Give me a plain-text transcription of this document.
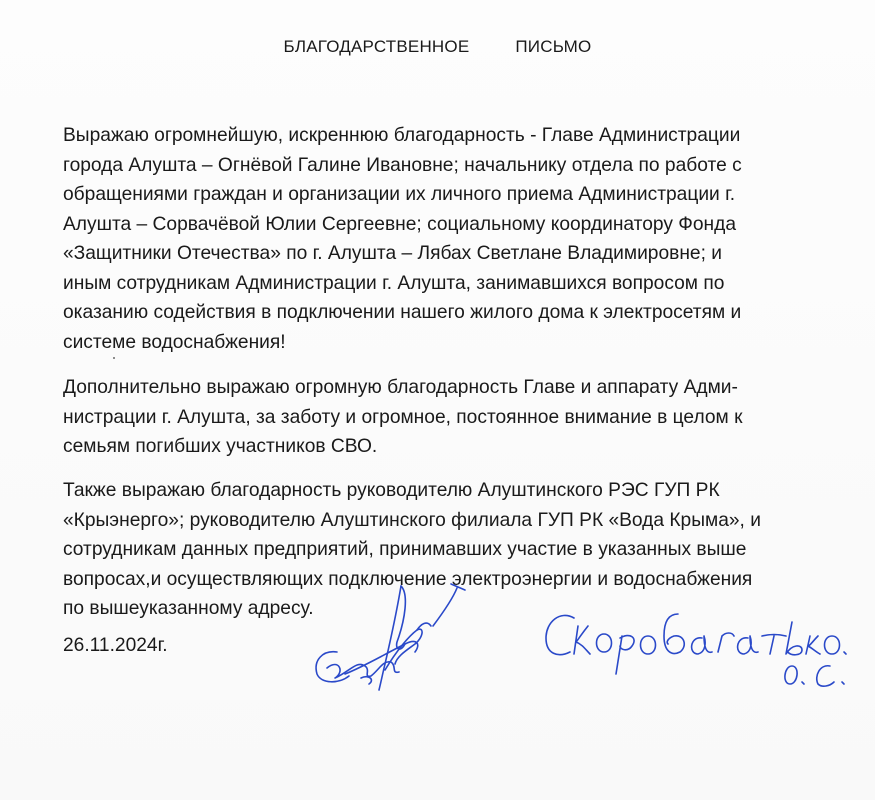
БЛАГОДАРСТВЕННОЕ	ПИСЬМО

Выражаю огромнейшую, искреннюю благодарность - Главе Администрации
города Алушта – Огнёвой Галине Ивановне; начальнику отдела по работе с
обращениями граждан и организации их личного приема Администрации г.
Алушта – Сорвачёвой Юлии Сергеевне; социальному координатору Фонда
«Защитники Отечества» по г. Алушта – Лябах Светлане Владимировне; и
иным сотрудникам Администрации г. Алушта, занимавшихся вопросом по
оказанию содействия в подключении нашего жилого дома к электросетям и
системе водоснабжения!

Дополнительно выражаю огромную благодарность Главе и аппарату Адми-
нистрации г. Алушта, за заботу и огромное, постоянное внимание в целом к
семьям погибших участников СВО.

Также выражаю благодарность руководителю Алуштинского РЭС ГУП РК
«Крыэнерго»; руководителю Алуштинского филиала ГУП РК «Вода Крыма», и
сотрудникам данных предприятий, принимавших участие в указанных выше
вопросах,и осуществляющих подключение электроэнергии и водоснабжения
по вышеуказанному адресу.

26.11.2024г.
